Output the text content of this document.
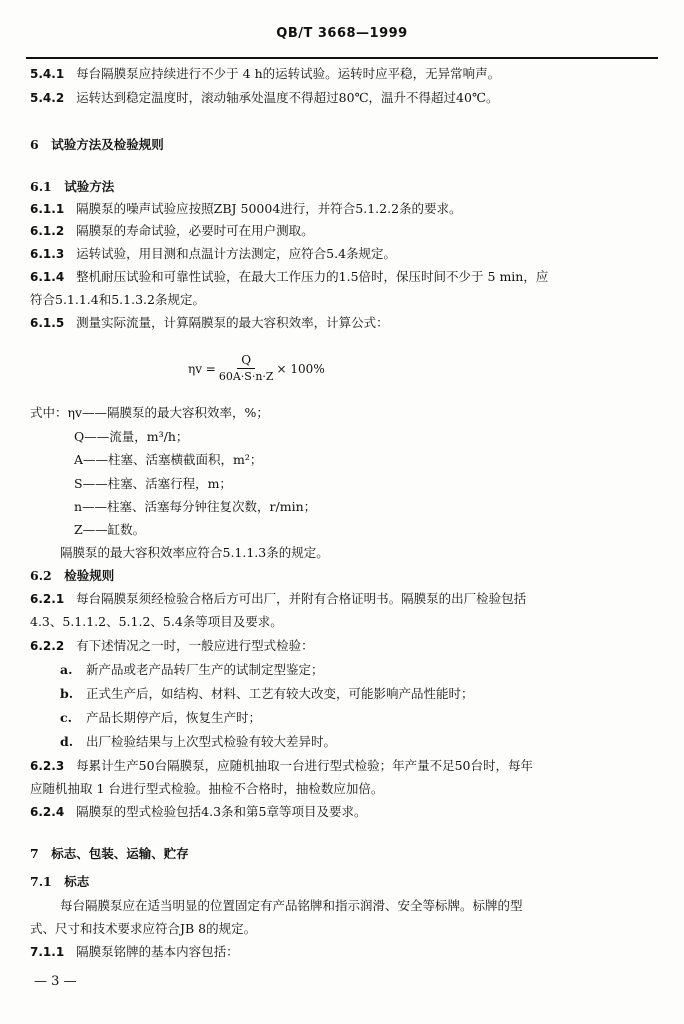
QB/T 3668—1999
5.4.1 每台隔膜泵应持续进行不少于 4 h的运转试验。运转时应平稳，无异常响声。
5.4.2 运转达到稳定温度时，滚动轴承处温度不得超过80℃，温升不得超过40℃。
6　试验方法及检验规则
6.1　试验方法
6.1.1 隔膜泵的噪声试验应按照ZBJ 50004进行，并符合5.1.2.2条的要求。
6.1.2 隔膜泵的寿命试验，必要时可在用户测取。
6.1.3 运转试验，用目测和点温计方法测定，应符合5.4条规定。
6.1.4 整机耐压试验和可靠性试验，在最大工作压力的1.5倍时，保压时间不少于 5 min，应
符合5.1.1.4和5.1.3.2条规定。
6.1.5 测量实际流量，计算隔膜泵的最大容积效率，计算公式：
$\eta v = \frac{Q}{60A\cdot S\cdot n\cdot Z} \times 100\%$
式中：ηv——隔膜泵的最大容积效率，%；
Q——流量，m³/h；
A——柱塞、活塞横截面积，m²；
S——柱塞、活塞行程，m；
n——柱塞、活塞每分钟往复次数，r/min；
Z——缸数。
隔膜泵的最大容积效率应符合5.1.1.3条的规定。
6.2　检验规则
6.2.1 每台隔膜泵须经检验合格后方可出厂，并附有合格证明书。隔膜泵的出厂检验包括
4.3、5.1.1.2、5.1.2、5.4条等项目及要求。
6.2.2 有下述情况之一时，一般应进行型式检验：
a. 新产品或老产品转厂生产的试制定型鉴定；
b. 正式生产后，如结构、材料、工艺有较大改变，可能影响产品性能时；
c. 产品长期停产后，恢复生产时；
d. 出厂检验结果与上次型式检验有较大差异时。
6.2.3 每累计生产50台隔膜泵，应随机抽取一台进行型式检验；年产量不足50台时，每年
应随机抽取 1 台进行型式检验。抽检不合格时，抽检数应加倍。
6.2.4 隔膜泵的型式检验包括4.3条和第5章等项目及要求。
7　标志、包装、运输、贮存
7.1　标志
每台隔膜泵应在适当明显的位置固定有产品铭牌和指示润滑、安全等标牌。标牌的型
式、尺寸和技术要求应符合JB 8的规定。
7.1.1 隔膜泵铭牌的基本内容包括：
— 3 —
